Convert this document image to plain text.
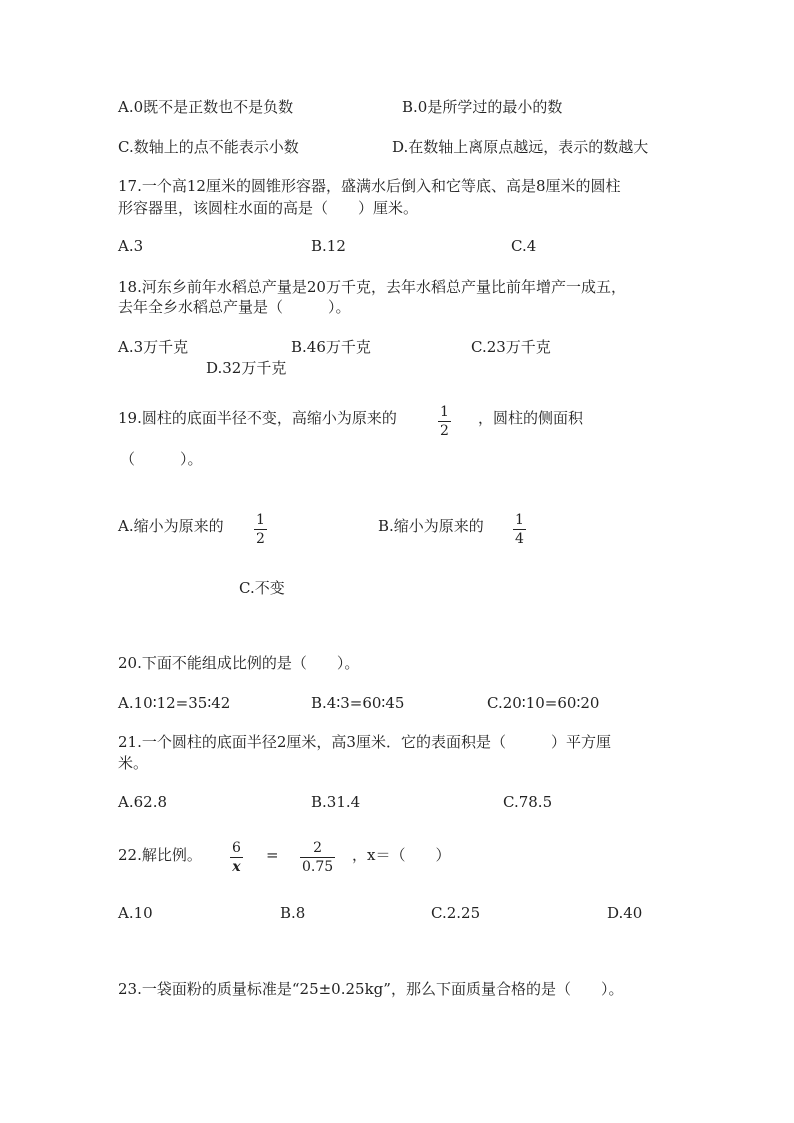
A.0既不是正数也不是负数	B.0是所学过的最小的数
C.数轴上的点不能表示小数	D.在数轴上离原点越远，表示的数越大
17.一个高12厘米的圆锥形容器，盛满水后倒入和它等底、高是8厘米的圆柱
形容器里，该圆柱水面的高是（　　）厘米。
A.3	B.12	C.4
18.河东乡前年水稻总产量是20万千克，去年水稻总产量比前年增产一成五，
去年全乡水稻总产量是（　　　）。
A.3万千克	B.46万千克	C.23万千克
D.32万千克
19.圆柱的底面半径不变，高缩小为原来的	1
2
，圆柱的侧面积
（　　　）。
A.缩小为原来的 1
2
B.缩小为原来的 1
4
C.不变
20.下面不能组成比例的是（　　）。
A.10∶12=35∶42	B.4∶3=60∶45	C.20∶10=60∶20
21.一个圆柱的底面半径2厘米，高3厘米．它的表面积是（　　　）平方厘
米。
A.62.8	B.31.4	C.78.5
22.解比例。 6
x
= 2
0.75
，x＝（　　）
A.10	B.8	C.2.25	D.40
23.一袋面粉的质量标准是“25±0.25kg”，那么下面质量合格的是（　　）。
